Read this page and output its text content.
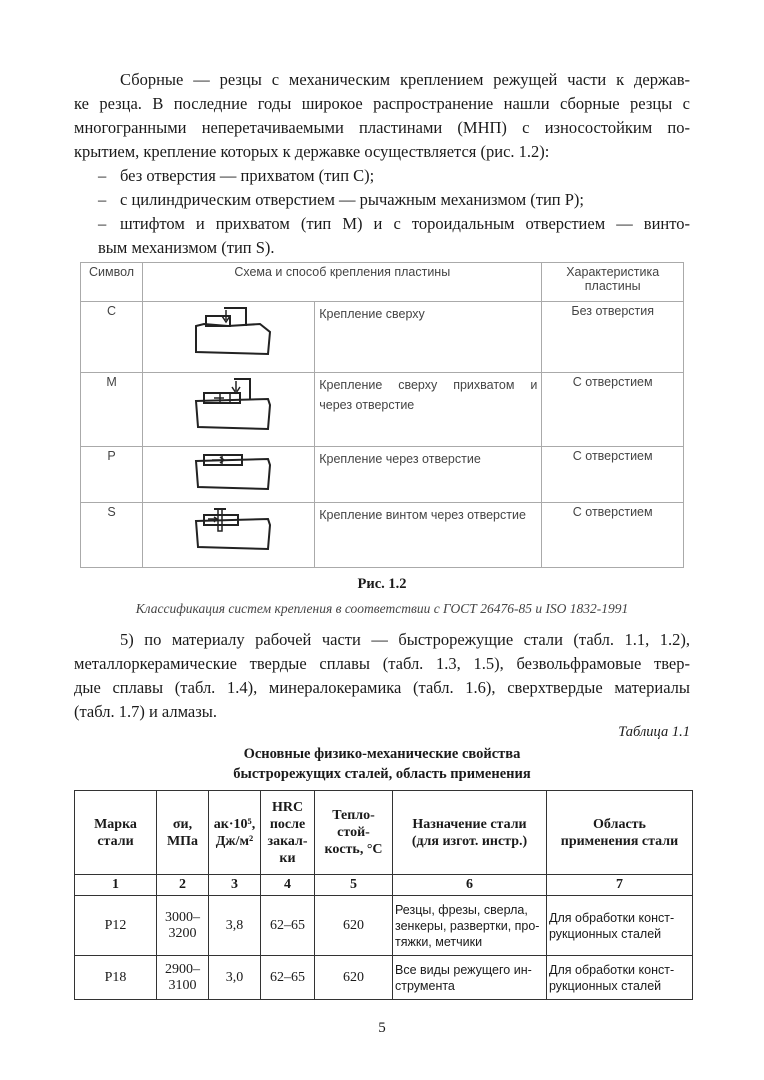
Сборные — резцы с механическим креплением режущей части к держав-
ке резца. В последние годы широкое распространение нашли сборные резцы с
многогранными неперетачиваемыми пластинами (МНП) с износостойким по-
крытием, крепление которых к державке осуществляется (рис. 1.2):
– без отверстия — прихватом (тип C);
– с цилиндрическим отверстием — рычажным механизмом (тип P);
– штифтом и прихватом (тип M) и с тороидальным отверстием — винто-
вым механизмом (тип S).
Символ	Схема и способ крепления пластины		Характеристика
пластины
C		Крепление сверху	Без отверстия
M		Крепление сверху прихватом и
через отверстие	С отверстием
P		Крепление через отверстие	С отверстием
S		Крепление винтом через отверстие	С отверстием

Рис. 1.2

Классификация систем крепления в соответствии с ГОСТ 26476-85 и ISO 1832-1991

5) по материалу рабочей части — быстрорежущие стали (табл. 1.1, 1.2),
металлоркерамические твердые сплавы (табл. 1.3, 1.5), безвольфрамовые твер-
дые сплавы (табл. 1.4), минералокерамика (табл. 1.6), сверхтвердые материалы
(табл. 1.7) и алмазы.

Таблица 1.1

Основные физико-механические свойства
быстрорежущих сталей, область применения

Марка
стали	σи,
МПа	aк·10⁵,
Дж/м²	HRC
после
закал-
ки	Тепло-
стой-
кость, °С	Назначение стали
(для изгот. инстр.)	Область
применения стали
1	2	3	4	5	6	7
Р12	3000–
3200	3,8	62–65	620	Резцы, фрезы, сверла,
зенкеры, развертки, про-
тяжки, метчики	Для обработки конст-
рукционных сталей
Р18	2900–
3100	3,0	62–65	620	Все виды режущего ин-
струмента	Для обработки конст-
рукционных сталей

5
